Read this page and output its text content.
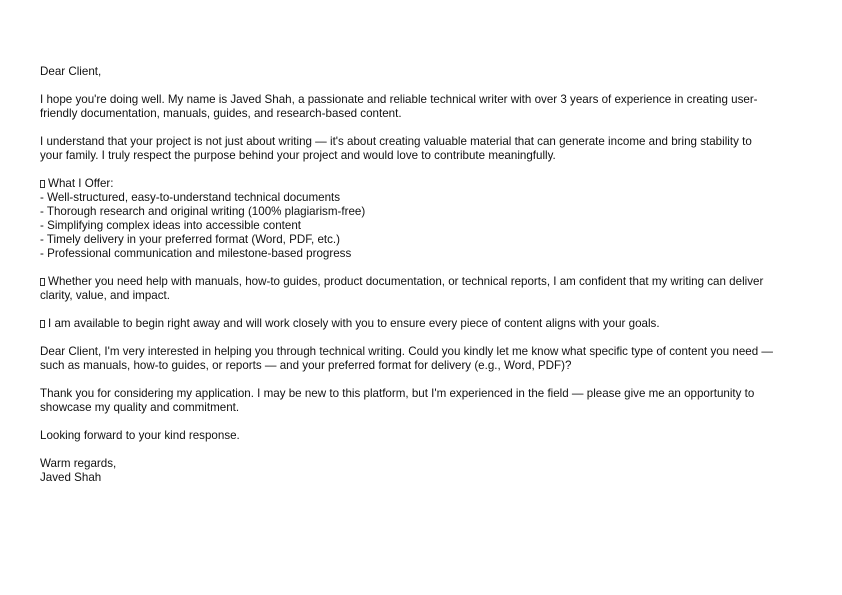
Dear Client,

I hope you're doing well. My name is Javed Shah, a passionate and reliable technical writer with over 3 years of experience in creating user-
friendly documentation, manuals, guides, and research-based content.

I understand that your project is not just about writing — it's about creating valuable material that can generate income and bring stability to
your family. I truly respect the purpose behind your project and would love to contribute meaningfully.

What I Offer:
- Well-structured, easy-to-understand technical documents
- Thorough research and original writing (100% plagiarism-free)
- Simplifying complex ideas into accessible content
- Timely delivery in your preferred format (Word, PDF, etc.)
- Professional communication and milestone-based progress

Whether you need help with manuals, how-to guides, product documentation, or technical reports, I am confident that my writing can deliver
clarity, value, and impact.

I am available to begin right away and will work closely with you to ensure every piece of content aligns with your goals.

Dear Client, I'm very interested in helping you through technical writing. Could you kindly let me know what specific type of content you need —
such as manuals, how-to guides, or reports — and your preferred format for delivery (e.g., Word, PDF)?

Thank you for considering my application. I may be new to this platform, but I'm experienced in the field — please give me an opportunity to
showcase my quality and commitment.

Looking forward to your kind response.

Warm regards,
Javed Shah
